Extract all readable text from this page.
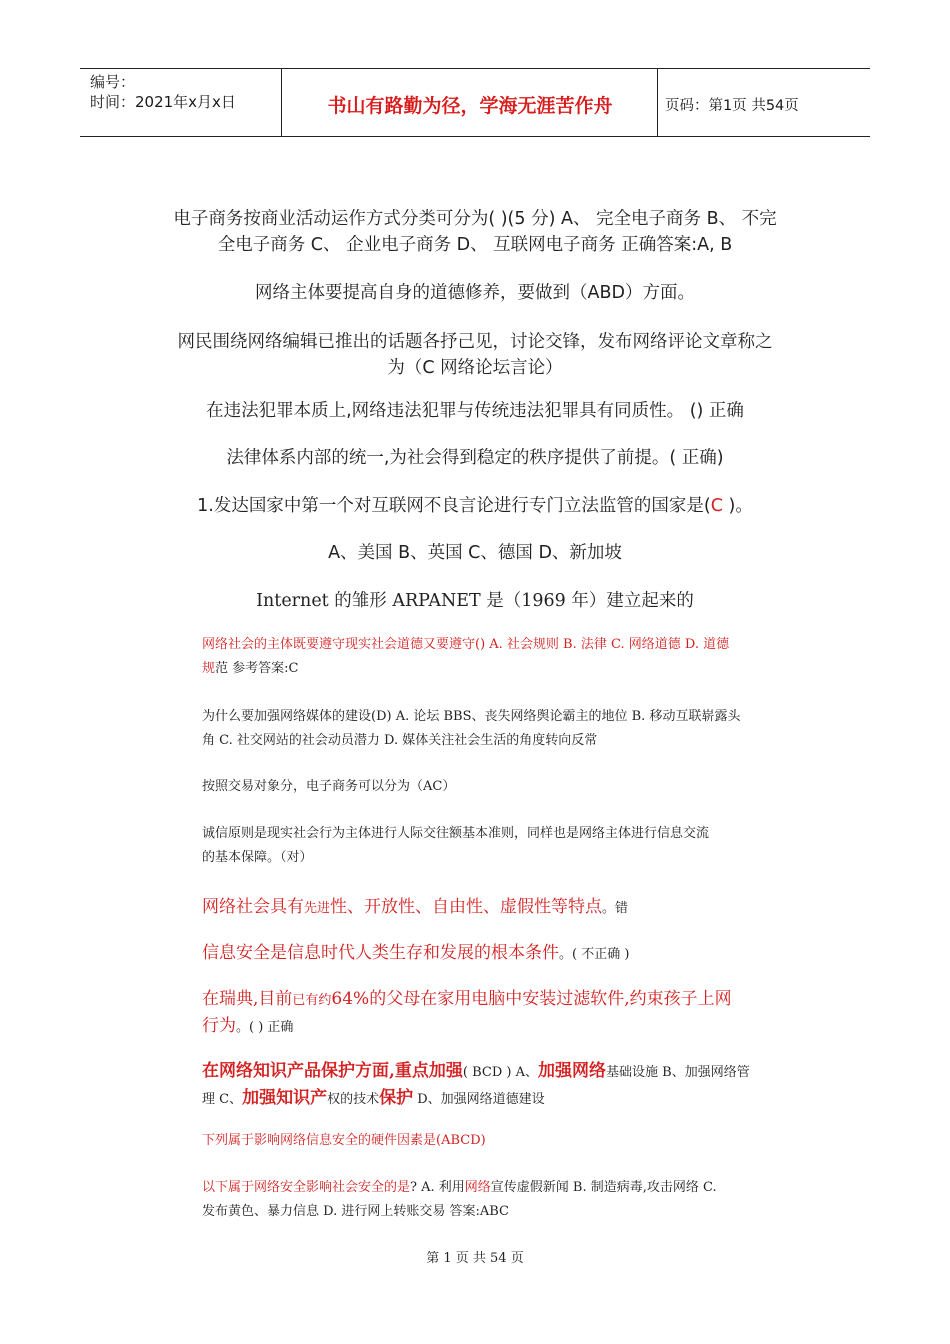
编号：
时间：2021年x月x日	书山有路勤为径，学海无涯苦作舟	页码：第1页 共54页
电子商务按商业活动运作方式分类可分为( )(5 分) A、 完全电子商务 B、 不完
全电子商务 C、 企业电子商务 D、 互联网电子商务 正确答案:A, B
网络主体要提高自身的道德修养，要做到（ABD）方面。
网民围绕网络编辑已推出的话题各抒己见，讨论交锋，发布网络评论文章称之
为（C 网络论坛言论）
在违法犯罪本质上,网络违法犯罪与传统违法犯罪具有同质性。 () 正确
法律体系内部的统一,为社会得到稳定的秩序提供了前提。( 正确)
1.发达国家中第一个对互联网不良言论进行专门立法监管的国家是(C )。
A、美国 B、英国 C、德国 D、新加坡
Internet 的雏形 ARPANET 是（1969 年）建立起来的
网络社会的主体既要遵守现实社会道德又要遵守() A. 社会规则 B. 法律 C. 网络道德 D. 道德
规范 参考答案:C
为什么要加强网络媒体的建设(D) A. 论坛 BBS、丧失网络舆论霸主的地位 B. 移动互联崭露头
角 C. 社交网站的社会动员潜力 D. 媒体关注社会生活的角度转向反常
按照交易对象分，电子商务可以分为（AC）
诚信原则是现实社会行为主体进行人际交往额基本准则，同样也是网络主体进行信息交流
的基本保障。（对）
网络社会具有先进性、开放性、自由性、虚假性等特点。错
信息安全是信息时代人类生存和发展的根本条件。( 不正确 )
在瑞典,目前已有约64%的父母在家用电脑中安装过滤软件,约束孩子上网
行为。( ) 正确
在网络知识产品保护方面,重点加强( BCD ) A、加强网络基础设施 B、加强网络管
理 C、加强知识产权的技术保护 D、加强网络道德建设
下列属于影响网络信息安全的硬件因素是(ABCD)
以下属于网络安全影响社会安全的是? A. 利用网络宣传虚假新闻 B. 制造病毒,攻击网络 C.
发布黄色、暴力信息 D. 进行网上转账交易 答案:ABC
第 1 页 共 54 页
